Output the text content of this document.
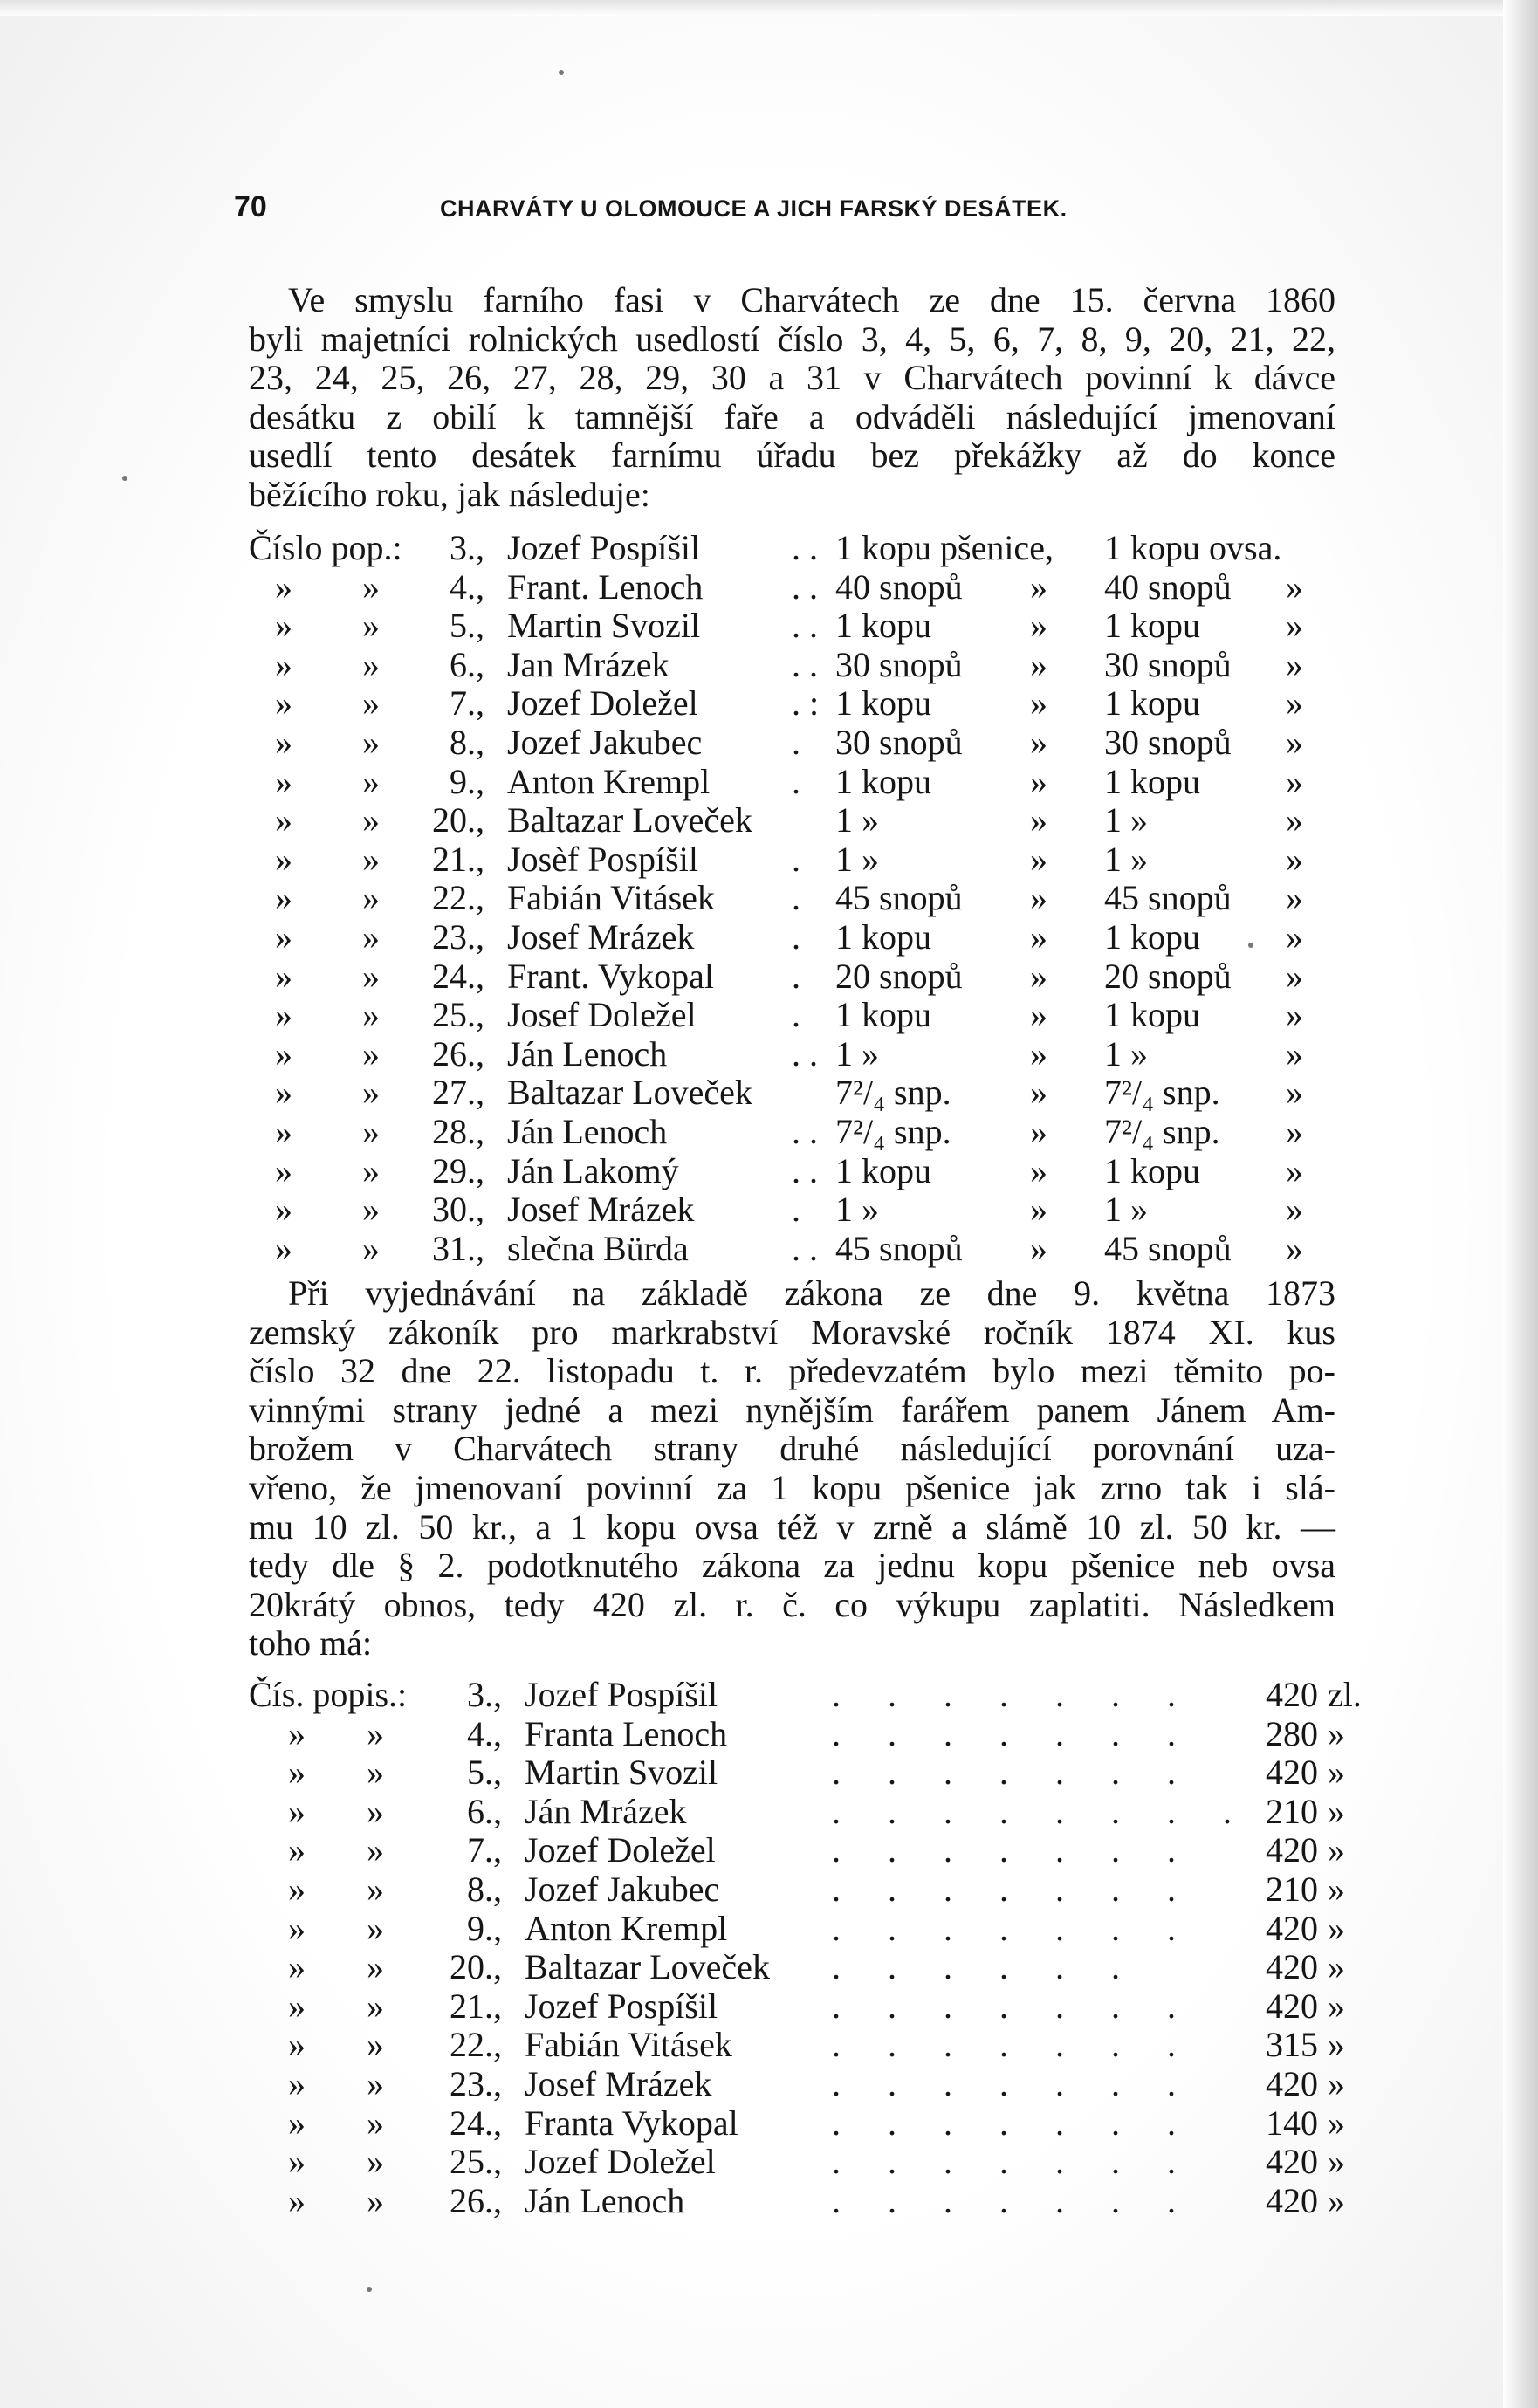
70	CHARVÁTY U OLOMOUCE A JICH FARSKÝ DESÁTEK.
Ve smyslu farního fasi v Charvátech ze dne 15. června 1860
byli majetníci rolnických usedlostí číslo 3, 4, 5, 6, 7, 8, 9, 20, 21, 22,
23, 24, 25, 26, 27, 28, 29, 30 a 31 v Charvátech povinní k dávce
desátku z obilí k tamnější faře a odváděli následující jmenovaní
usedlí tento desátek farnímu úřadu bez překážky až do konce
běžícího roku, jak následuje:
Číslo pop.:	3., Jozef Pospíšil	. . 1 kopu pšenice, 1 kopu ovsa.
» »	4., Frant. Lenoch	. . 40 snopů » 40 snopů »
» »	5., Martin Svozil	. . 1 kopu	» 1 kopu »
» »	6., Jan Mrázek	. . 30 snopů » 30 snopů »
» »	7., Jozef Doležel	. : 1 kopu	» 1 kopu »
» »	8., Jozef Jakubec	. 30 snopů » 30 snopů »
» »	9., Anton Krempl . 1 kopu	» 1 kopu »
» »	20., Baltazar Loveček 1 »	» 1 »	»
» »	21., Josèf Pospíšil	. 1 »	» 1 »	»
» »	22., Fabián Vitásek . 45 snopů » 45 snopů »
» »	23., Josef Mrázek	. 1 kopu	» 1 kopu »
» »	24., Frant. Vykopal . 20 snopů » 20 snopů »
» »	25., Josef Doležel	. 1 kopu	» 1 kopu »
» »	26., Ján Lenoch	. . 1 »	» 1 »	»
» »	27., Baltazar Loveček 7²/₄ snp. » 7²/₄ snp. »
» »	28., Ján Lenoch	. . 7²/₄ snp. » 7²/₄ snp. »
» »	29., Ján Lakomý	. . 1 kopu	» 1 kopu »
» »	30., Josef Mrázek	. 1 »	» 1 »	»
» »	31., slečna Bürda	. . 45 snopů » 45 snopů »
Při vyjednávání na základě zákona ze dne 9. května 1873
zemský zákoník pro markrabství Moravské ročník 1874 XI. kus
číslo 32 dne 22. listopadu t. r. předevzatém bylo mezi těmito po-
vinnými strany jedné a mezi nynějším farářem panem Jánem Am-
brožem v Charvátech strany druhé následující porovnání uza-
vřeno, že jmenovaní povinní za 1 kopu pšenice jak zrno tak i slá-
mu 10 zl. 50 kr., a 1 kopu ovsa též v zrně a slámě 10 zl. 50 kr. —
tedy dle § 2. podotknutého zákona za jednu kopu pšenice neb ovsa
20krátý obnos, tedy 420 zl. r. č. co výkupu zaplatiti. Následkem
toho má:
Čís. popis.:	3., Jozef Pospíšil	. . . . . . .	420 zl.
» »	4., Franta Lenoch	. . . . . . .	280 »
» »	5., Martin Svozil	. . . . . . .	420 »
» »	6., Ján Mrázek	. . . . . . . . 210 »
» »	7., Jozef Doležel	. . . . . . .	420 »
» »	8., Jozef Jakubec	. . . . . . .	210 »
» »	9., Anton Krempl	. . . . . . .	420 »
» »	20., Baltazar Loveček . . . . . .	420 »
» »	21., Jozef Pospíšil	. . . . . . .	420 »
» »	22., Fabián Vitásek	. . . . . . .	315 »
» »	23., Josef Mrázek	. . . . . . .	420 »
» »	24., Franta Vykopal	. . . . . . .	140 »
» »	25., Jozef Doležel	. . . . . . .	420 »
» »	26., Ján Lenoch	. . . . . . .	420 »
